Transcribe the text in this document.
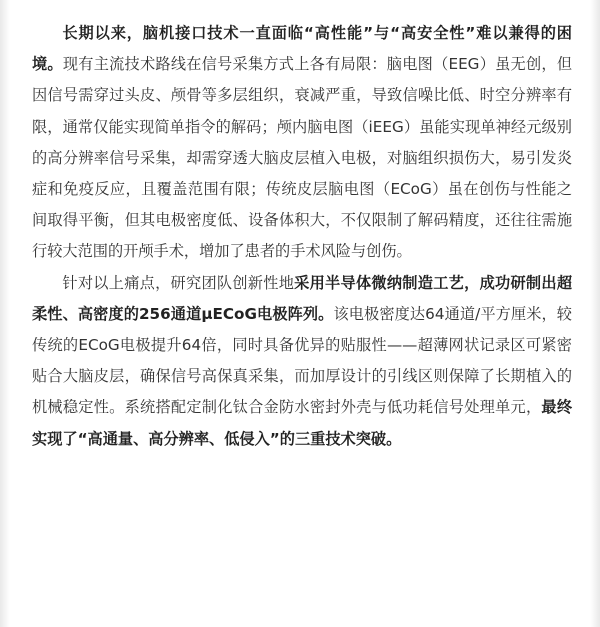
长期以来，脑机接口技术一直面临“高性能”与“高安全性”难以兼得的困境。现有主流技术路线在信号采集方式上各有局限：脑电图（EEG）虽无创，但因信号需穿过头皮、颅骨等多层组织，衰减严重，导致信噪比低、时空分辨率有限，通常仅能实现简单指令的解码；颅内脑电图（iEEG）虽能实现单神经元级别的高分辨率信号采集，却需穿透大脑皮层植入电极，对脑组织损伤大，易引发炎症和免疫反应，且覆盖范围有限；传统皮层脑电图（ECoG）虽在创伤与性能之间取得平衡，但其电极密度低、设备体积大，不仅限制了解码精度，还往往需施行较大范围的开颅手术，增加了患者的手术风险与创伤。

针对以上痛点，研究团队创新性地采用半导体微纳制造工艺，成功研制出超柔性、高密度的256通道μECoG电极阵列。该电极密度达64通道/平方厘米，较传统的ECoG电极提升64倍，同时具备优异的贴服性——超薄网状记录区可紧密贴合大脑皮层，确保信号高保真采集，而加厚设计的引线区则保障了长期植入的机械稳定性。系统搭配定制化钛合金防水密封外壳与低功耗信号处理单元，最终实现了“高通量、高分辨率、低侵入”的三重技术突破。
